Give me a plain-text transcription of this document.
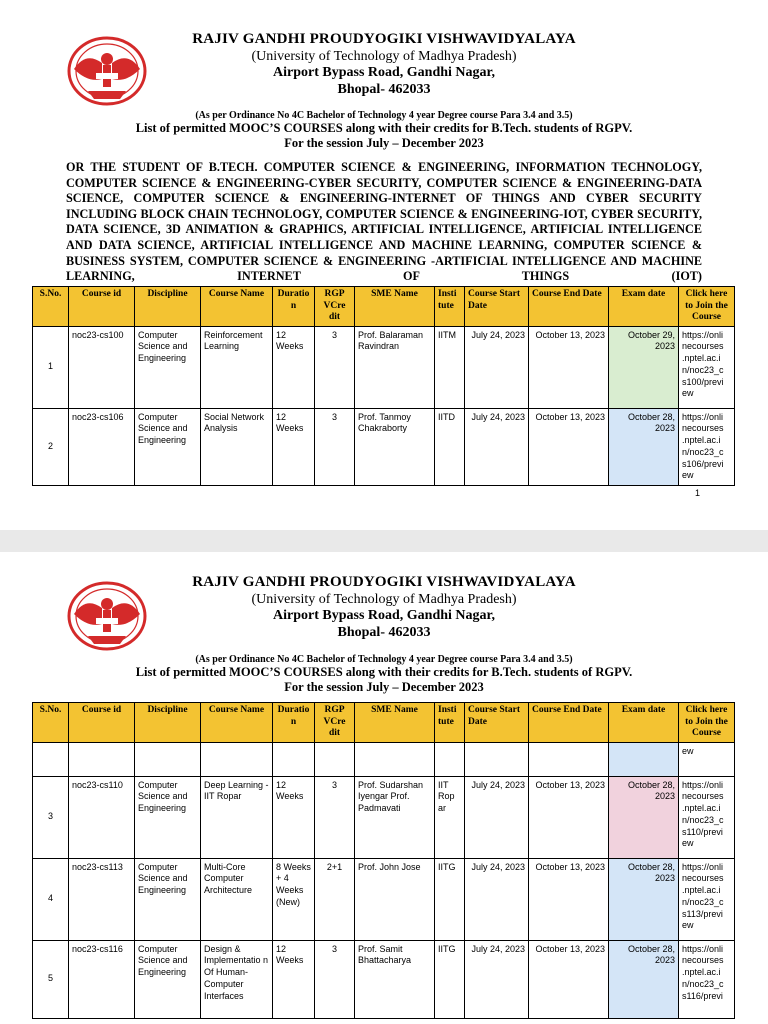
RAJIV GANDHI PROUDYOGIKI VISHWAVIDYALAYA
(University of Technology of Madhya Pradesh)
Airport Bypass Road, Gandhi Nagar,
Bhopal- 462033
(As per Ordinance No 4C Bachelor of Technology 4 year Degree course Para 3.4 and 3.5)
List of permitted MOOC’S COURSES along with their credits for B.Tech. students of RGPV.
For the session July – December 2023
OR THE STUDENT OF B.TECH. COMPUTER SCIENCE & ENGINEERING, INFORMATION TECHNOLOGY, COMPUTER SCIENCE & ENGINEERING-CYBER SECURITY, COMPUTER SCIENCE & ENGINEERING-DATA SCIENCE, COMPUTER SCIENCE & ENGINEERING-INTERNET OF THINGS AND CYBER SECURITY INCLUDING BLOCK CHAIN TECHNOLOGY, COMPUTER SCIENCE & ENGINEERING-IOT, CYBER SECURITY, DATA SCIENCE, 3D ANIMATION & GRAPHICS, ARTIFICIAL INTELLIGENCE, ARTIFICIAL INTELLIGENCE AND DATA SCIENCE, ARTIFICIAL INTELLIGENCE AND MACHINE LEARNING, COMPUTER SCIENCE & BUSINESS SYSTEM, COMPUTER SCIENCE & ENGINEERING -ARTIFICIAL INTELLIGENCE AND MACHINE LEARNING, INTERNET OF THINGS (IOT)
S.No.	Course id	Discipline	Course Name	Duratio n	RGP VCre dit	SME Name	Insti tute	Course Start Date	Course End Date	Exam date	Click here to Join the Course
1	noc23-cs100	Computer Science and Engineering	Reinforcement Learning	12 Weeks	3	Prof. Balaraman Ravindran	IITM	July 24, 2023	October 13, 2023	October 29, 2023	https://onli necourses .nptel.ac.i n/noc23_c s100/previ ew
2	noc23-cs106	Computer Science and Engineering	Social Network Analysis	12 Weeks	3	Prof. Tanmoy Chakraborty	IITD	July 24, 2023	October 13, 2023	October 28, 2023	https://onli necourses .nptel.ac.i n/noc23_c s106/previ ew
1
RAJIV GANDHI PROUDYOGIKI VISHWAVIDYALAYA
(University of Technology of Madhya Pradesh)
Airport Bypass Road, Gandhi Nagar,
Bhopal- 462033
(As per Ordinance No 4C Bachelor of Technology 4 year Degree course Para 3.4 and 3.5)
List of permitted MOOC’S COURSES along with their credits for B.Tech. students of RGPV.
For the session July – December 2023
S.No.	Course id	Discipline	Course Name	Duratio n	RGP VCre dit	SME Name	Insti tute	Course Start Date	Course End Date	Exam date	Click here to Join the Course
											ew
3	noc23-cs110	Computer Science and Engineering	Deep Learning - IIT Ropar	12 Weeks	3	Prof. Sudarshan Iyengar Prof. Padmavati	IIT Rop ar	July 24, 2023	October 13, 2023	October 28, 2023	https://onli necourses .nptel.ac.i n/noc23_c s110/previ ew
4	noc23-cs113	Computer Science and Engineering	Multi-Core Computer Architecture	8 Weeks + 4 Weeks (New)	2+1	Prof. John Jose	IITG	July 24, 2023	October 13, 2023	October 28, 2023	https://onli necourses .nptel.ac.i n/noc23_c s113/previ ew
5	noc23-cs116	Computer Science and Engineering	Design & Implementatio n Of Human-Computer Interfaces	12 Weeks	3	Prof. Samit Bhattacharya	IITG	July 24, 2023	October 13, 2023	October 28, 2023	https://onli necourses .nptel.ac.i n/noc23_c s116/previ
